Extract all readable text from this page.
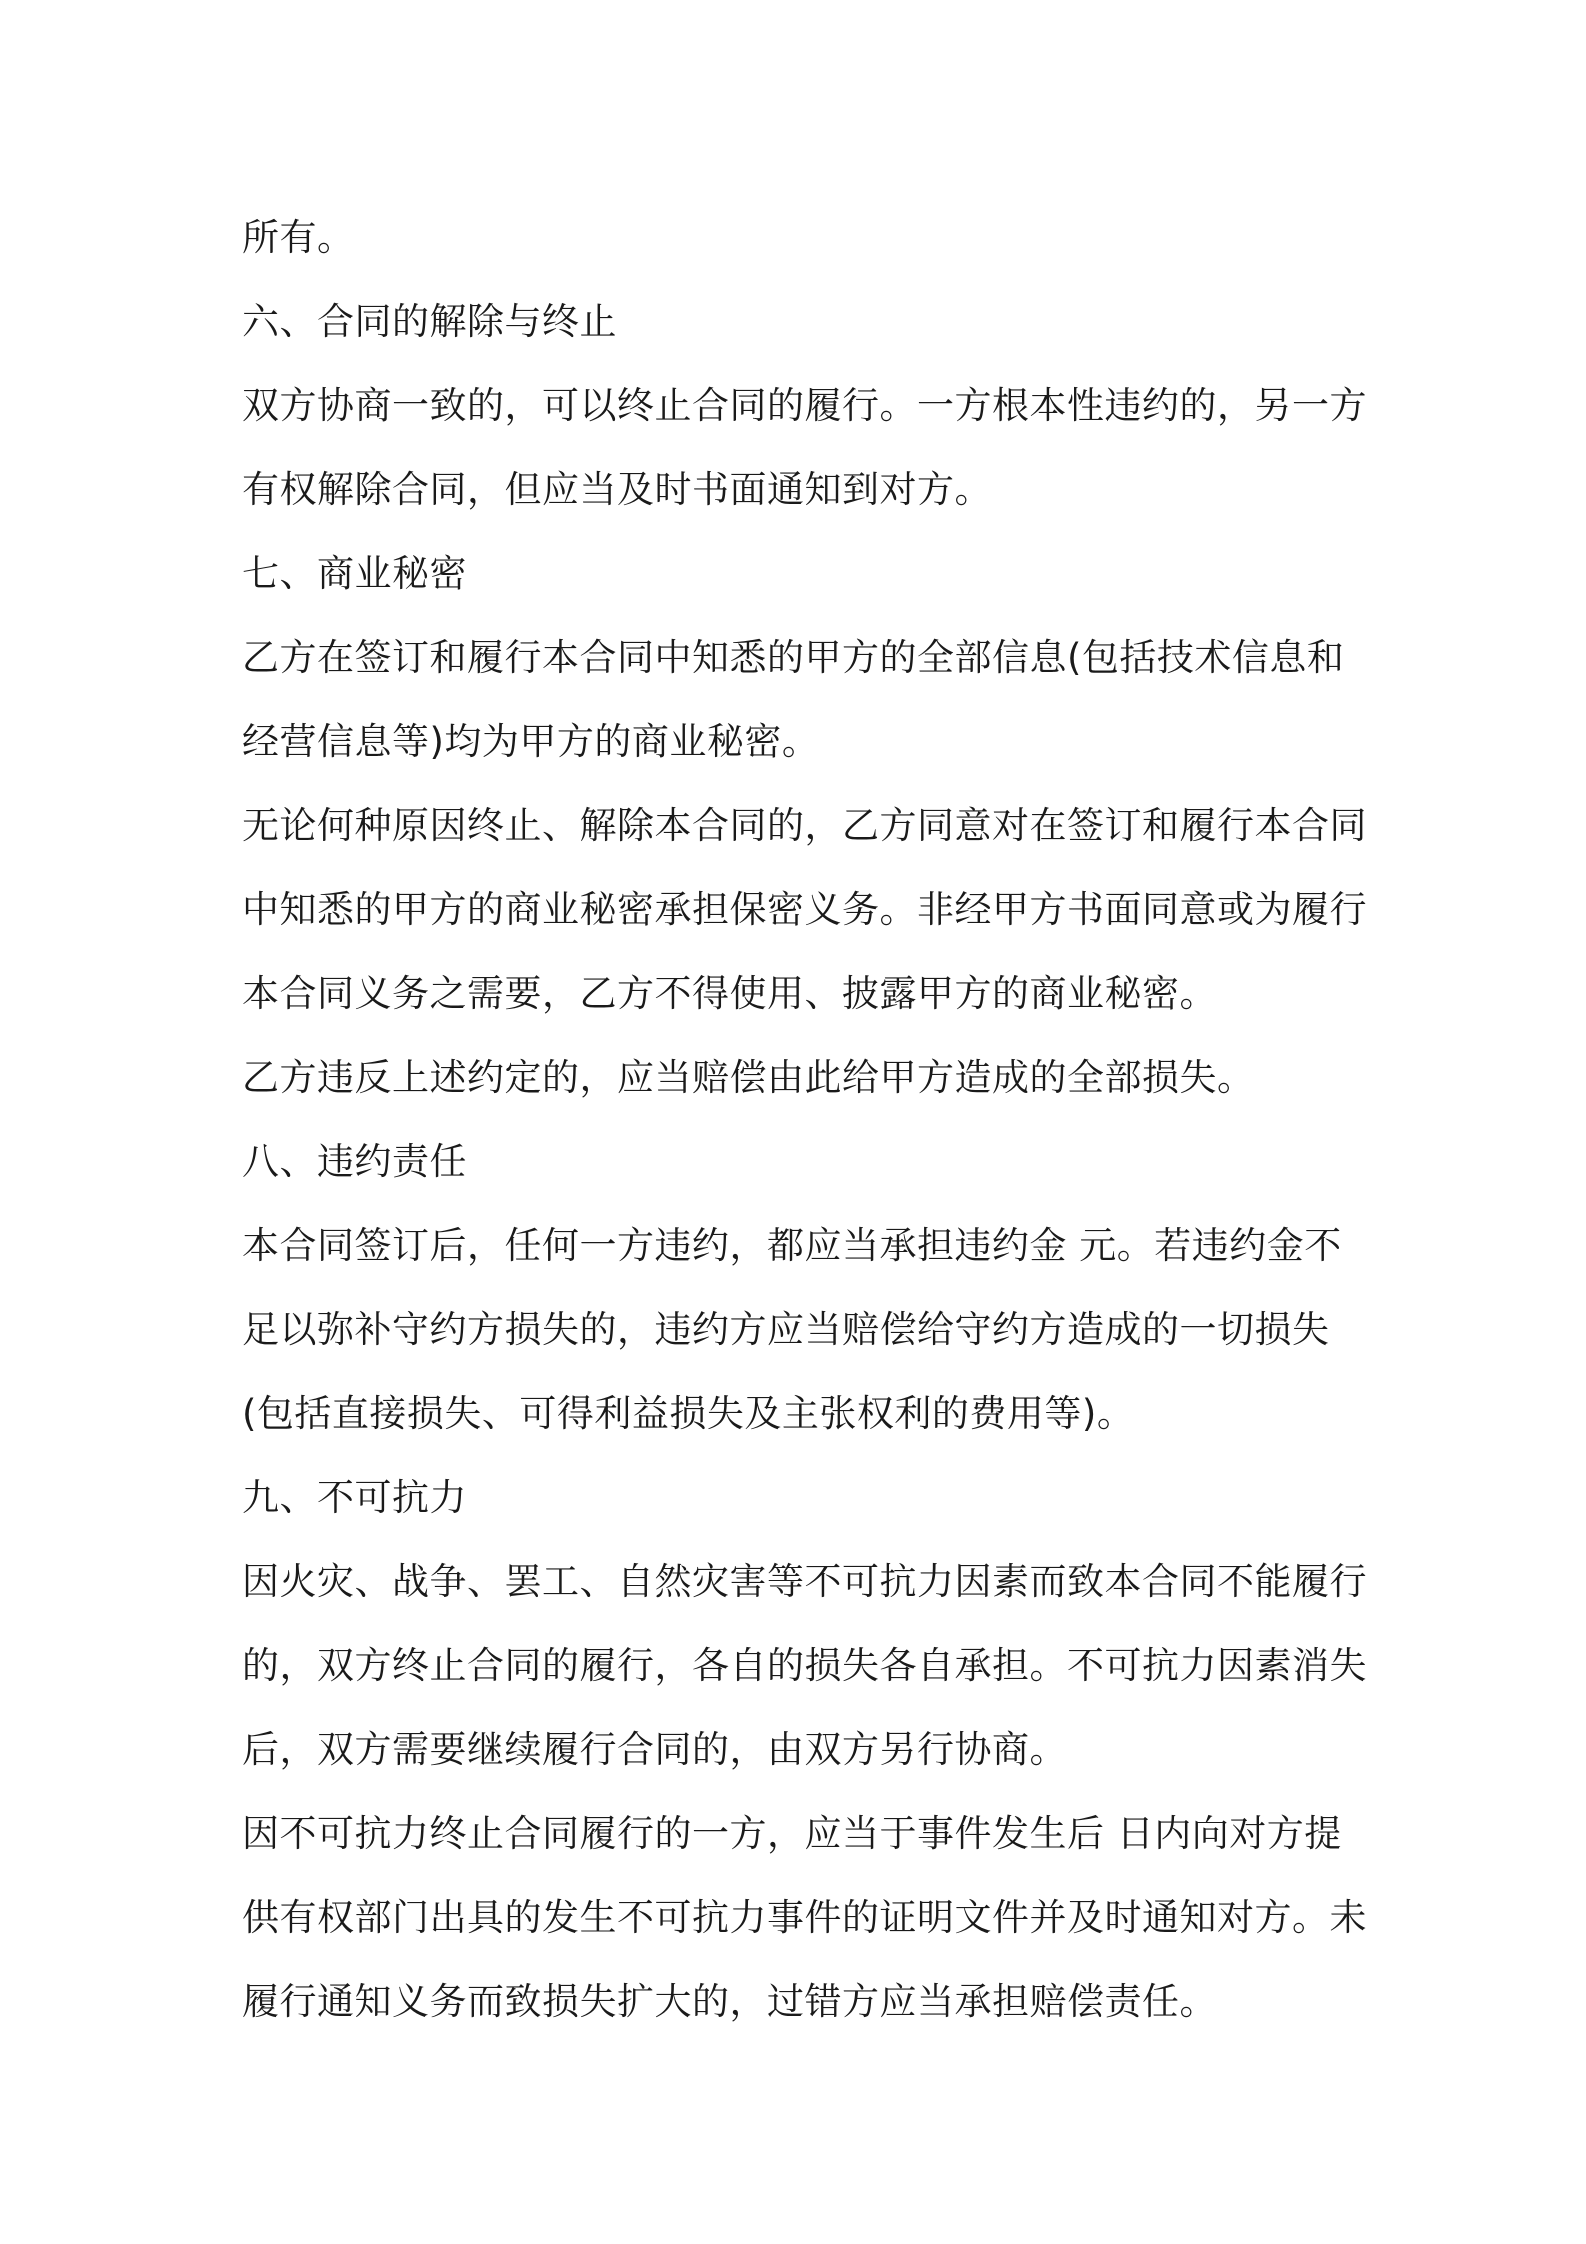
所有。
六、合同的解除与终止
双方协商一致的，可以终止合同的履行。一方根本性违约的，另一方
有权解除合同，但应当及时书面通知到对方。
七、商业秘密
乙方在签订和履行本合同中知悉的甲方的全部信息(包括技术信息和
经营信息等)均为甲方的商业秘密。
无论何种原因终止、解除本合同的，乙方同意对在签订和履行本合同
中知悉的甲方的商业秘密承担保密义务。非经甲方书面同意或为履行
本合同义务之需要，乙方不得使用、披露甲方的商业秘密。
乙方违反上述约定的，应当赔偿由此给甲方造成的全部损失。
八、违约责任
本合同签订后，任何一方违约，都应当承担违约金 元。若违约金不
足以弥补守约方损失的，违约方应当赔偿给守约方造成的一切损失
(包括直接损失、可得利益损失及主张权利的费用等)。
九、不可抗力
因火灾、战争、罢工、自然灾害等不可抗力因素而致本合同不能履行
的，双方终止合同的履行，各自的损失各自承担。不可抗力因素消失
后，双方需要继续履行合同的，由双方另行协商。
因不可抗力终止合同履行的一方，应当于事件发生后 日内向对方提
供有权部门出具的发生不可抗力事件的证明文件并及时通知对方。未
履行通知义务而致损失扩大的，过错方应当承担赔偿责任。
